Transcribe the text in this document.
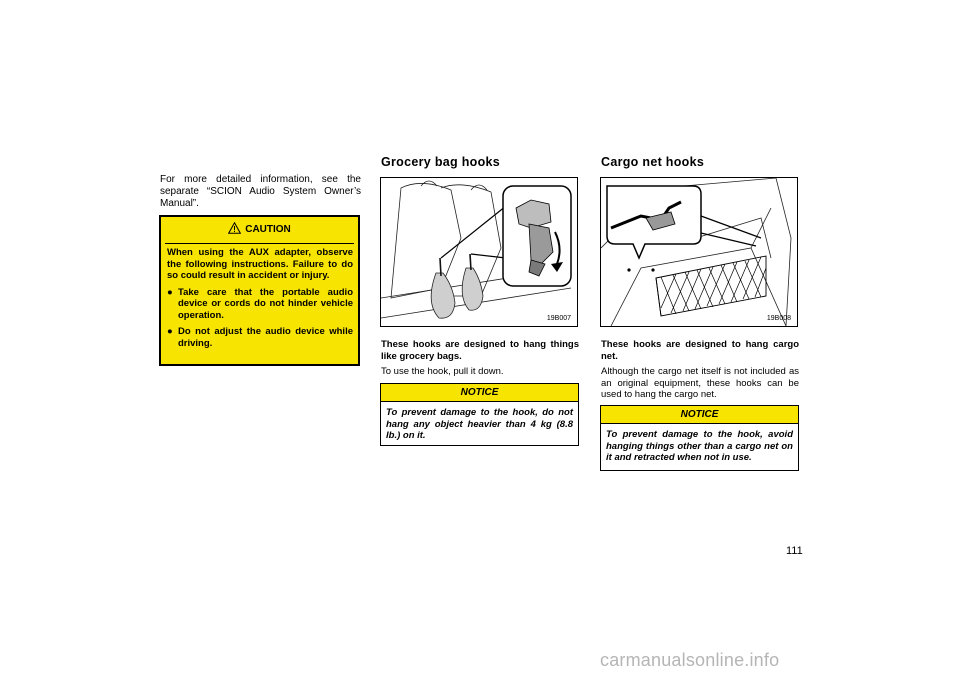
For more detailed information, see the separate “SCION Audio System Owner’s Manual”.
CAUTION
When using the AUX adapter, observe the following instructions. Failure to do so could result in accident or injury.
● Take care that the portable audio device or cords do not hinder vehicle operation.
● Do not adjust the audio device while driving.
Grocery bag hooks
19B007
These hooks are designed to hang things like grocery bags.
To use the hook, pull it down.
NOTICE
To prevent damage to the hook, do not hang any object heavier than 4 kg (8.8 lb.) on it.
Cargo net hooks
19B008
These hooks are designed to hang cargo net.
Although the cargo net itself is not included as an original equipment, these hooks can be used to hang the cargo net.
NOTICE
To prevent damage to the hook, avoid hanging things other than a cargo net on it and retracted when not in use.
111
carmanualsonline.info
